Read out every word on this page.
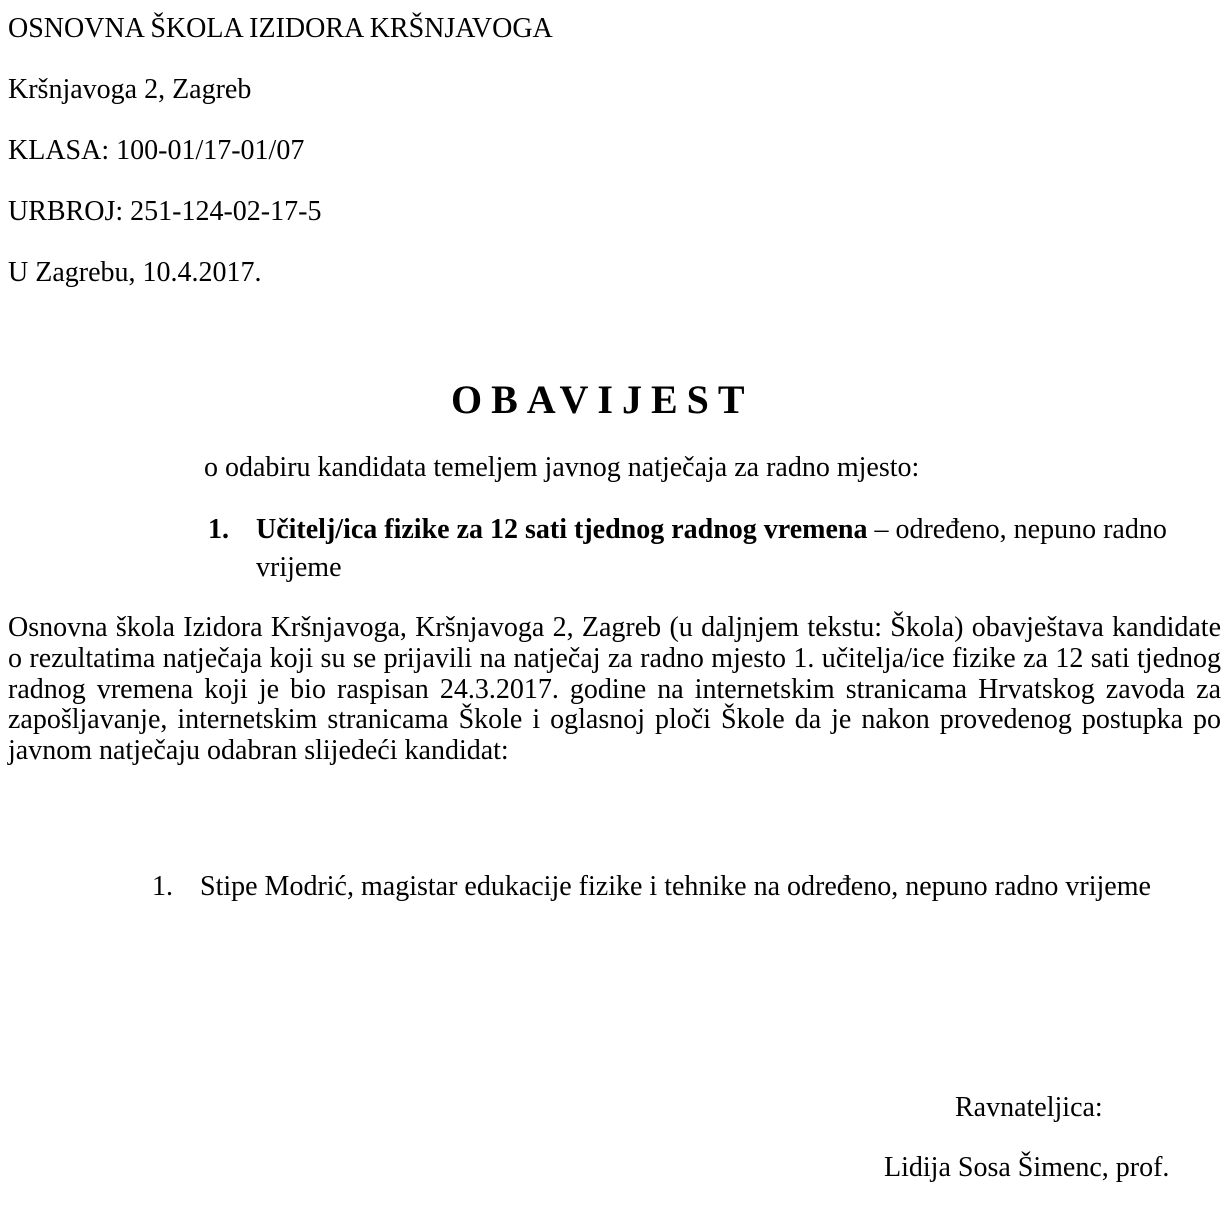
OSNOVNA ŠKOLA IZIDORA KRŠNJAVOGA
Kršnjavoga 2, Zagreb
KLASA: 100-01/17-01/07
URBROJ: 251-124-02-17-5
U Zagrebu, 10.4.2017.
OBAVIJEST
o odabiru kandidata temeljem javnog natječaja za radno mjesto:
1. Učitelj/ica fizike za 12 sati tjednog radnog vremena – određeno, nepuno radno vrijeme

Osnovna škola Izidora Kršnjavoga, Kršnjavoga 2, Zagreb (u daljnjem tekstu: Škola) obavještava kandidate o rezultatima natječaja koji su se prijavili na natječaj za radno mjesto 1. učitelja/ice fizike za 12 sati tjednog radnog vremena koji je bio raspisan 24.3.2017. godine na internetskim stranicama Hrvatskog zavoda za zapošljavanje, internetskim stranicama Škole i oglasnoj ploči Škole da je nakon provedenog postupka po javnom natječaju odabran slijedeći kandidat:

1. Stipe Modrić, magistar edukacije fizike i tehnike na određeno, nepuno radno vrijeme
Ravnateljica:
Lidija Sosa Šimenc, prof.
